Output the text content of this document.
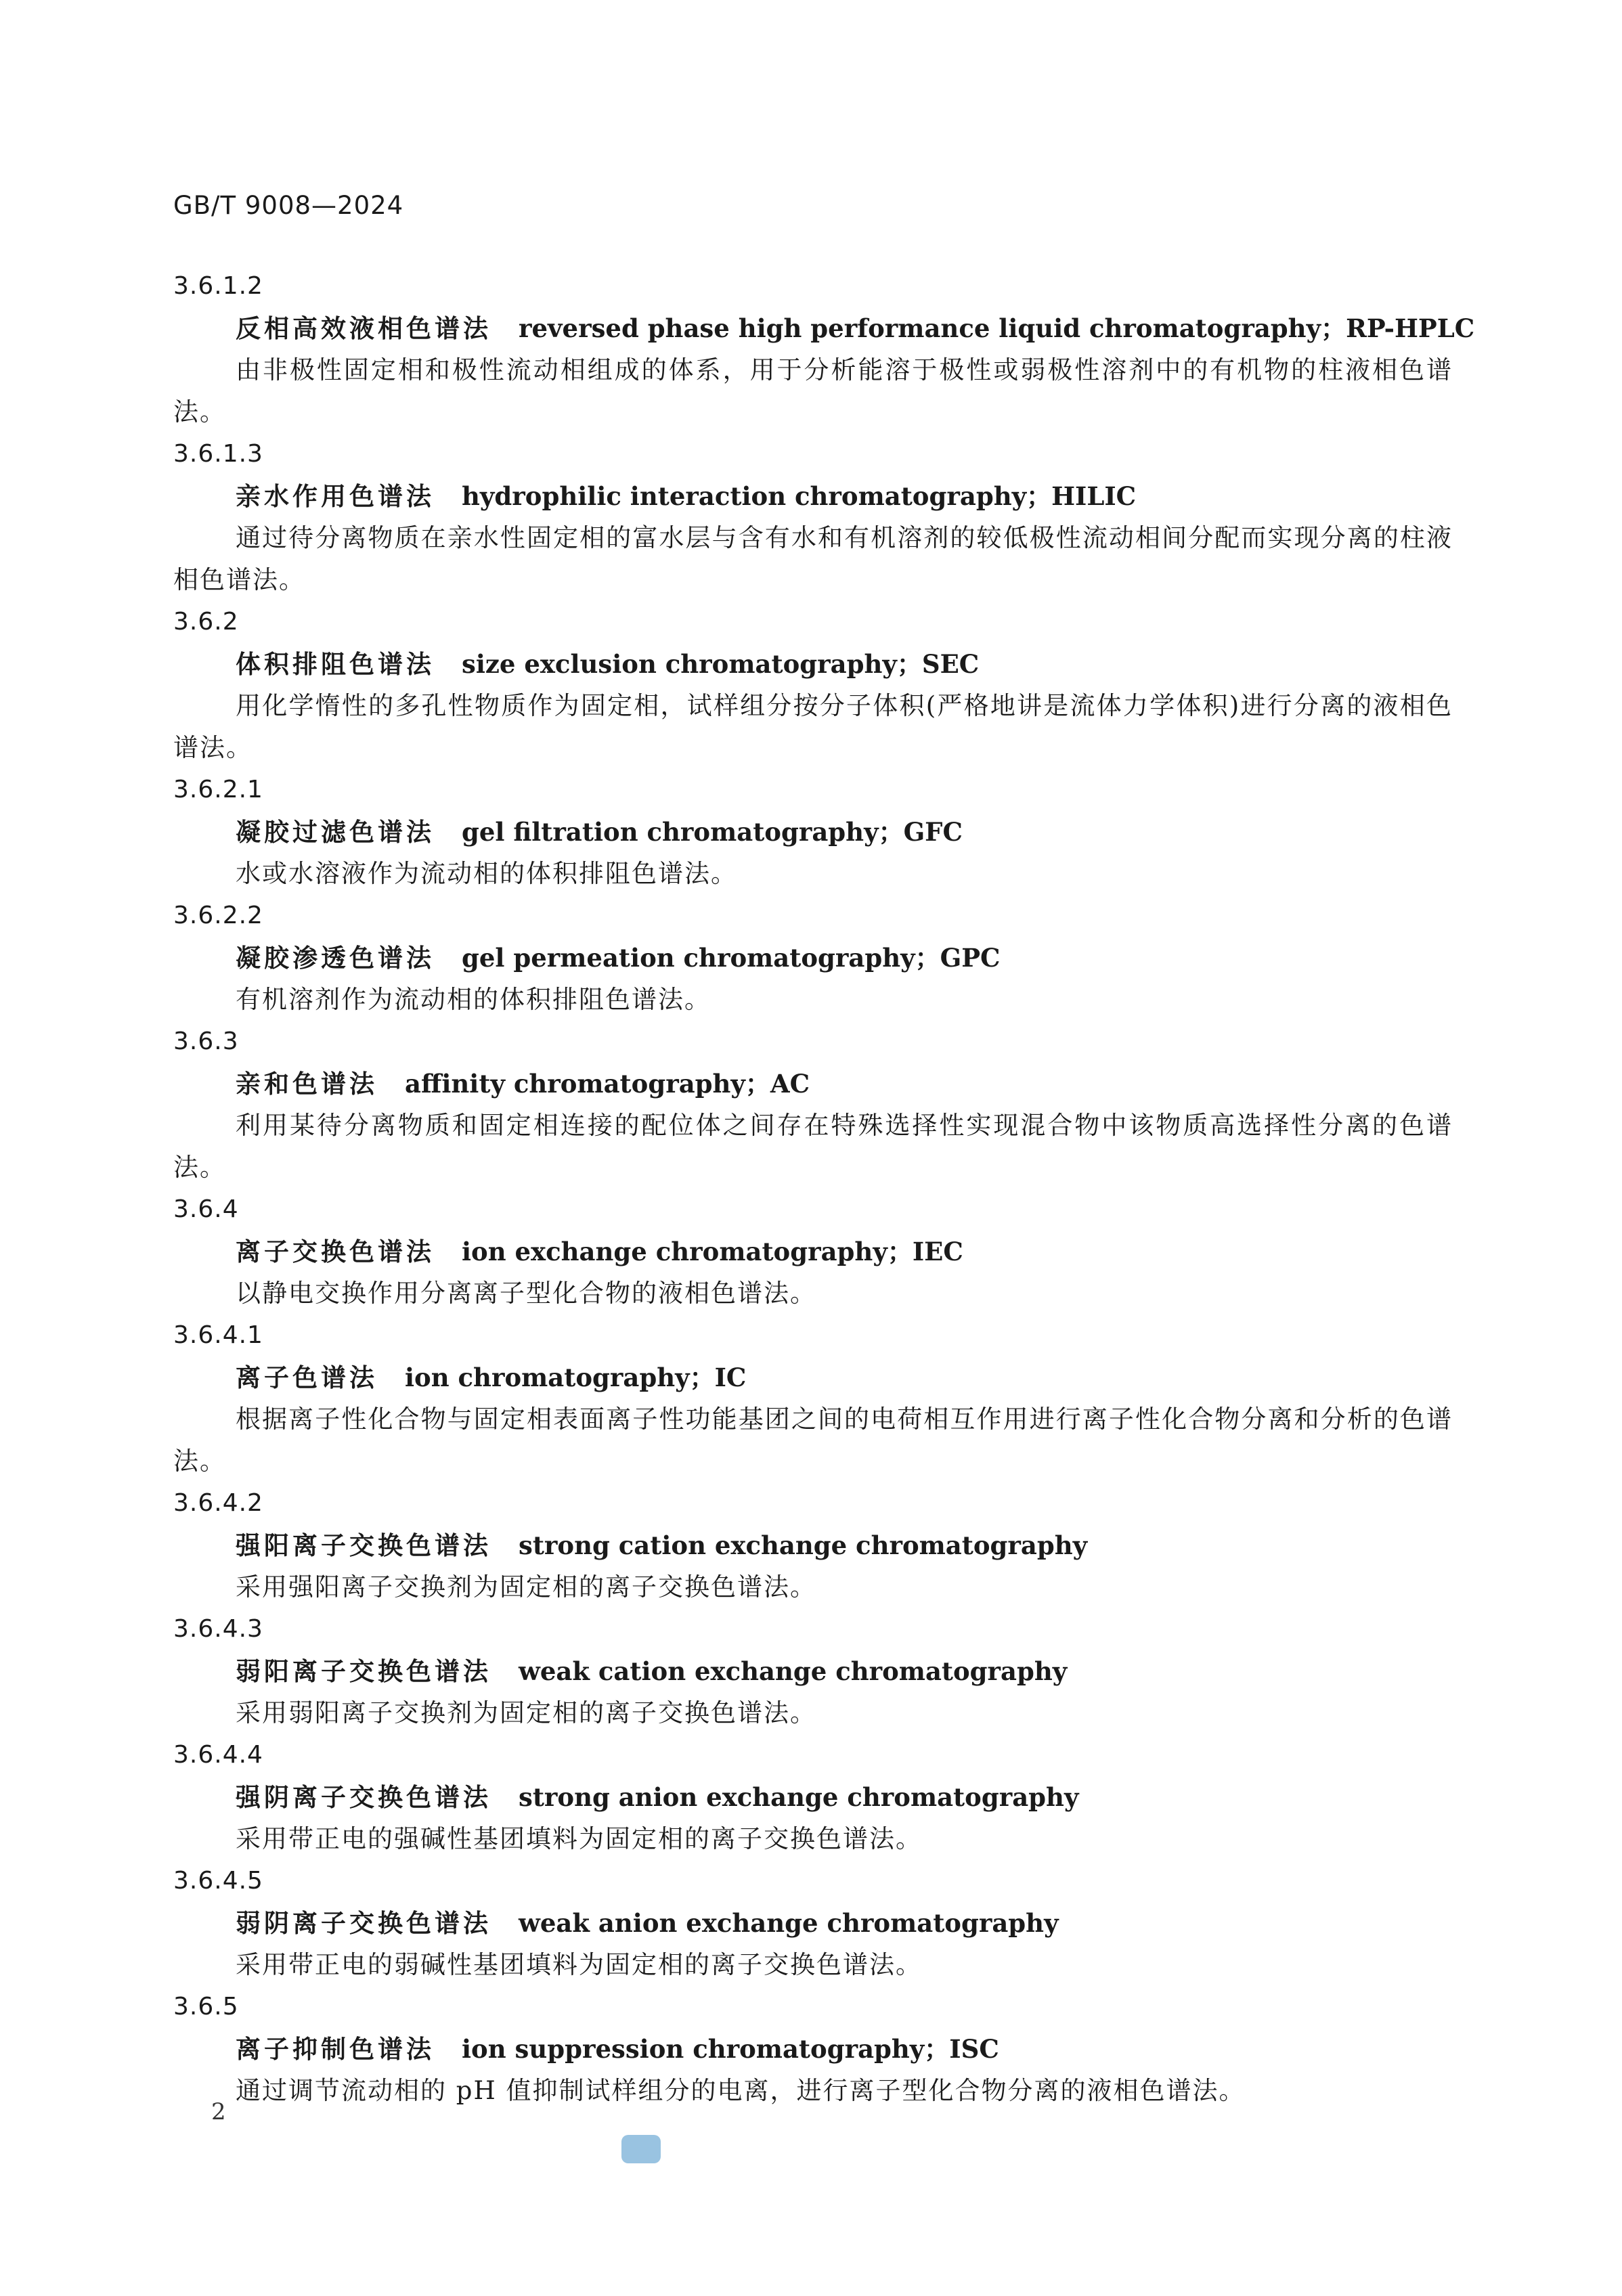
GB/T 9008—2024
3.6.1.2
反相高效液相色谱法 reversed phase high performance liquid chromatography；RP-HPLC

由非极性固定相和极性流动相组成的体系，用于分析能溶于极性或弱极性溶剂中的有机物的柱液相色谱法。

3.6.1.3
亲水作用色谱法 hydrophilic interaction chromatography；HILIC

通过待分离物质在亲水性固定相的富水层与含有水和有机溶剂的较低极性流动相间分配而实现分离的柱液相色谱法。

3.6.2
体积排阻色谱法 size exclusion chromatography；SEC

用化学惰性的多孔性物质作为固定相，试样组分按分子体积(严格地讲是流体力学体积)进行分离的液相色谱法。

3.6.2.1
凝胶过滤色谱法 gel filtration chromatography；GFC

水或水溶液作为流动相的体积排阻色谱法。

3.6.2.2
凝胶渗透色谱法 gel permeation chromatography；GPC

有机溶剂作为流动相的体积排阻色谱法。

3.6.3
亲和色谱法 affinity chromatography；AC

利用某待分离物质和固定相连接的配位体之间存在特殊选择性实现混合物中该物质高选择性分离的色谱法。

3.6.4
离子交换色谱法 ion exchange chromatography；IEC

以静电交换作用分离离子型化合物的液相色谱法。

3.6.4.1
离子色谱法 ion chromatography；IC

根据离子性化合物与固定相表面离子性功能基团之间的电荷相互作用进行离子性化合物分离和分析的色谱法。

3.6.4.2
强阳离子交换色谱法 strong cation exchange chromatography

采用强阳离子交换剂为固定相的离子交换色谱法。

3.6.4.3
弱阳离子交换色谱法 weak cation exchange chromatography

采用弱阳离子交换剂为固定相的离子交换色谱法。

3.6.4.4
强阴离子交换色谱法 strong anion exchange chromatography

采用带正电的强碱性基团填料为固定相的离子交换色谱法。

3.6.4.5
弱阴离子交换色谱法 weak anion exchange chromatography

采用带正电的弱碱性基团填料为固定相的离子交换色谱法。

3.6.5
离子抑制色谱法 ion suppression chromatography；ISC

通过调节流动相的 pH 值抑制试样组分的电离，进行离子型化合物分离的液相色谱法。

2
